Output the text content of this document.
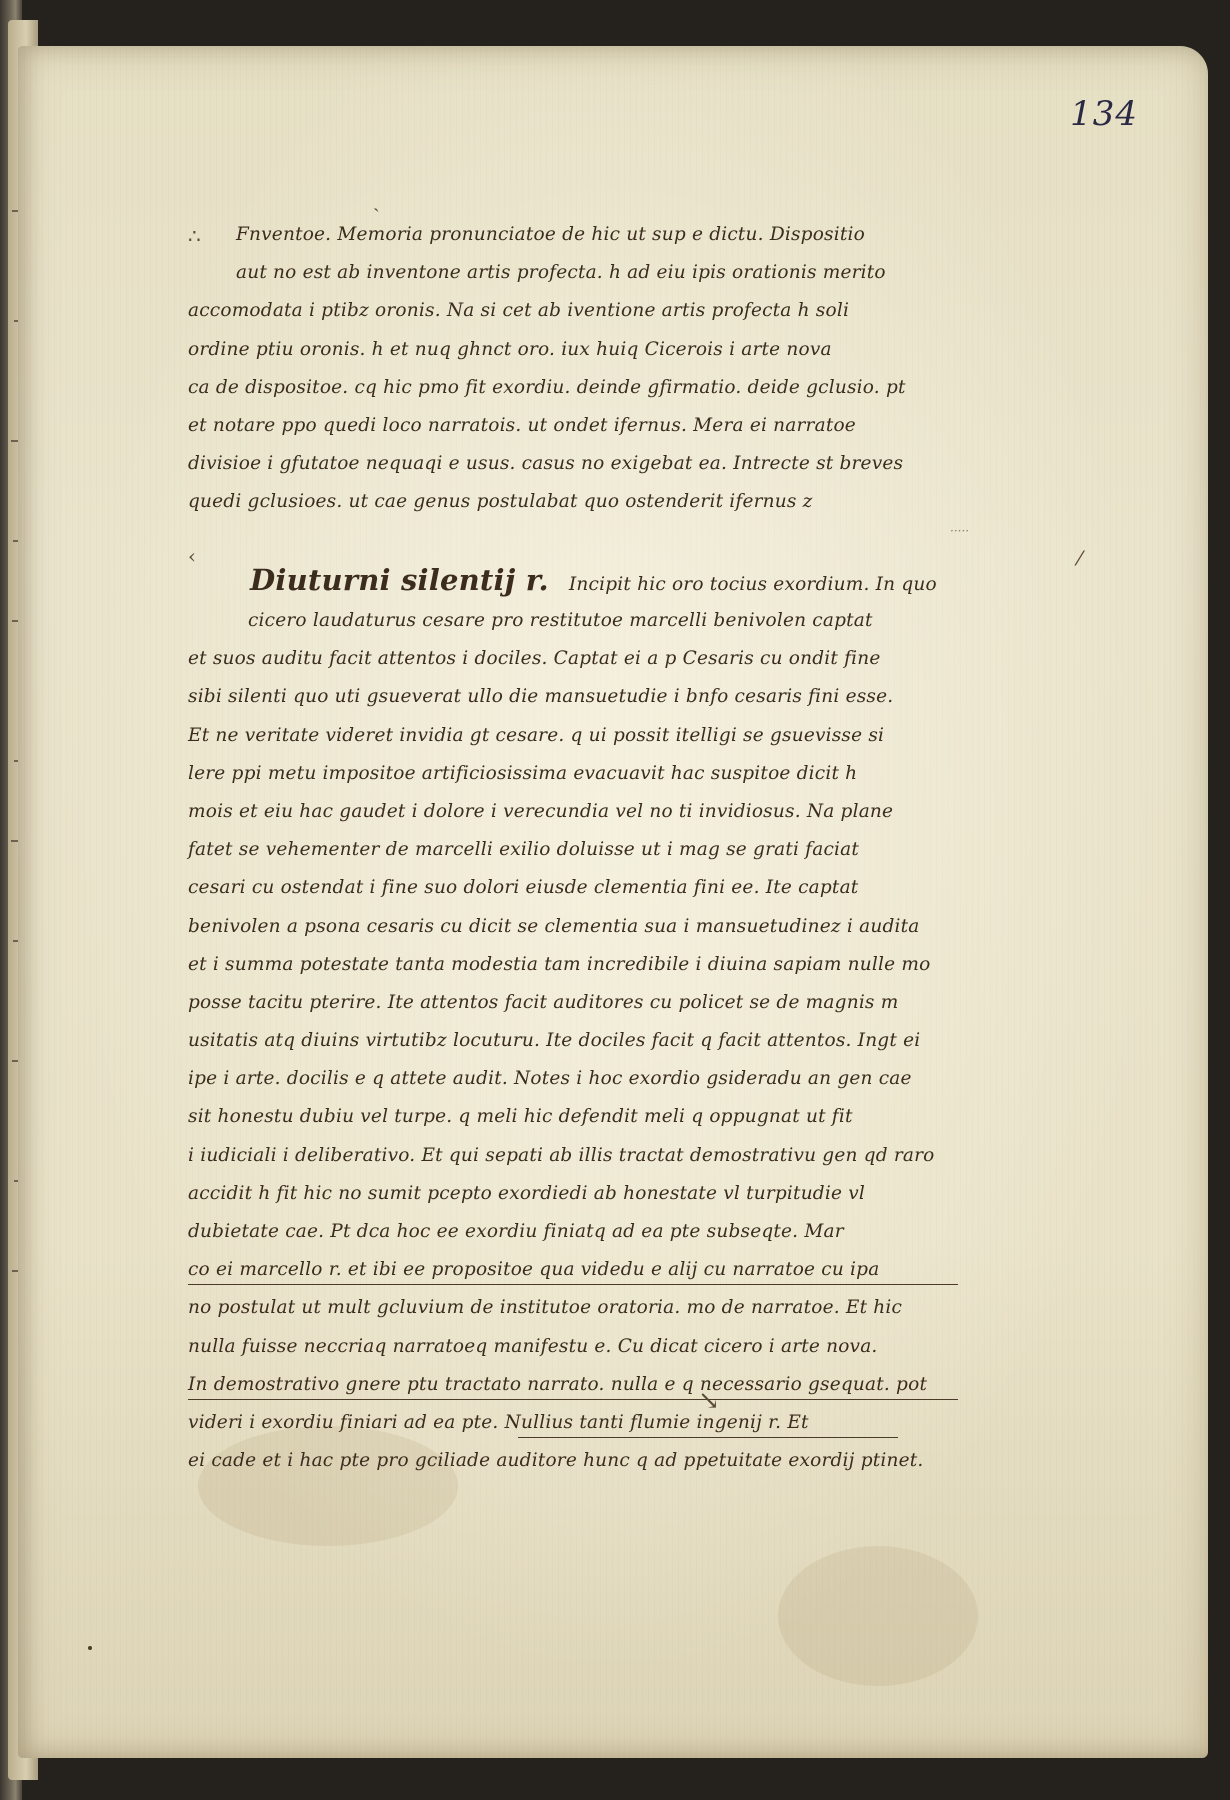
134
ˏ
∴
‹	⁄
Fnventoe. Memoria pronunciatoe de hic ut sup e dictu. Dispositio
aut no est ab inventone artis profecta. h ad eiu ipis orationis merito
accomodata i ptibz oronis. Na si cet ab iventione artis profecta h soli
ordine ptiu oronis. h et nuq ghnct oro. iux huiq Cicerois i arte nova
ca de dispositoe. cq hic pmo fit exordiu. deinde gfirmatio. deide gclusio. pt
et notare ppo quedi loco narratois. ut ondet ifernus. Mera ei narratoe
divisioe i gfutatoe nequaqi e usus. casus no exigebat ea. Intrecte st breves
quedi gclusioes. ut cae genus postulabat quo ostenderit ifernus z
·····
Diuturni silentij r. Incipit hic oro tocius exordium. In quo
cicero laudaturus cesare pro restitutoe marcelli benivolen captat
et suos auditu facit attentos i dociles. Captat ei a p Cesaris cu ondit fine
sibi silenti quo uti gsueverat ullo die mansuetudie i bnfo cesaris fini esse.
Et ne veritate videret invidia gt cesare. q ui possit itelligi se gsuevisse si
lere ppi metu impositoe artificiosissima evacuavit hac suspitoe dicit h
mois et eiu hac gaudet i dolore i verecundia vel no ti invidiosus. Na plane
fatet se vehementer de marcelli exilio doluisse ut i mag se grati faciat
cesari cu ostendat i fine suo dolori eiusde clementia fini ee. Ite captat
benivolen a psona cesaris cu dicit se clementia sua i mansuetudinez i audita
et i summa potestate tanta modestia tam incredibile i diuina sapiam nulle mo
posse tacitu pterire. Ite attentos facit auditores cu policet se de magnis m
usitatis atq diuins virtutibz locuturu. Ite dociles facit q facit attentos. Ingt ei
ipe i arte. docilis e q attete audit. Notes i hoc exordio gsideradu an gen cae
sit honestu dubiu vel turpe. q meli hic defendit meli q oppugnat ut fit
i iudiciali i deliberativo. Et qui sepati ab illis tractat demostrativu gen qd raro
accidit h fit hic no sumit pcepto exordiedi ab honestate vl turpitudie vl
dubietate cae. Pt dca hoc ee exordiu finiatq ad ea pte subseqte. Mar
co ei marcello r. et ibi ee propositoe qua videdu e alij cu narratoe cu ipa
no postulat ut mult gcluvium de institutoe oratoria. mo de narratoe. Et hic
nulla fuisse neccriaq narratoeq manifestu e. Cu dicat cicero i arte nova.
In demostrativo gnere ptu tractato narrato. nulla e q necessario gsequat. pot
videri i exordiu finiari ad ea pte. Nullius tanti flumie ingenij r. Et
ei cade et i hac pte pro gciliade auditore hunc q ad ppetuitate exordij ptinet.
↘
